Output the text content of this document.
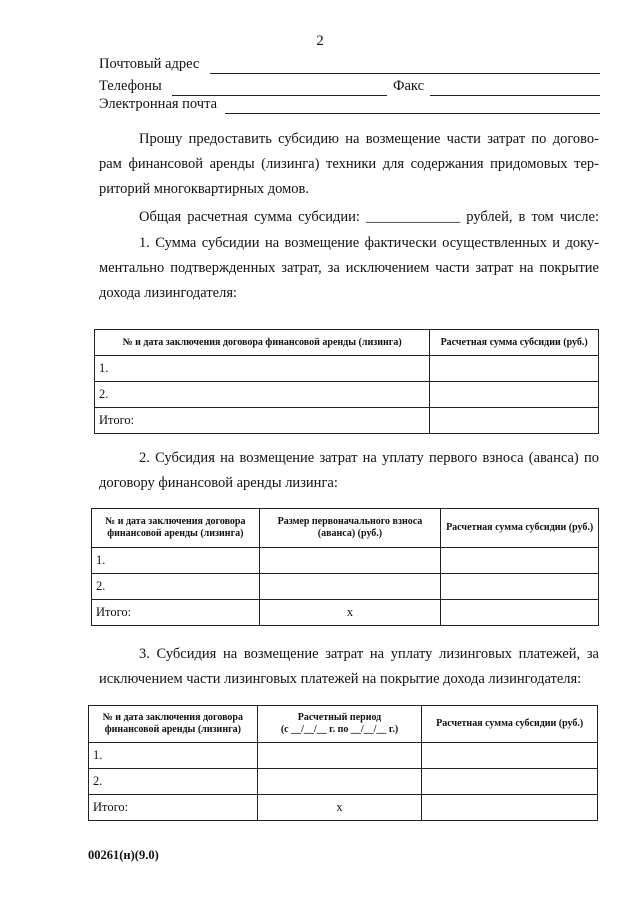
2
Почтовый адрес
Телефоны	Факс
Электронная почта
Прошу предоставить субсидию на возмещение части затрат по догово-
рам финансовой аренды (лизинга) техники для содержания придомовых тер-
риторий многоквартирных домов.
Общая расчетная сумма субсидии: _____________ рублей, в том числе:
1. Сумма субсидии на возмещение фактически осуществленных и доку-
ментально подтвержденных затрат, за исключением части затрат на покрытие
дохода лизингодателя:
№ и дата заключения договора финансовой аренды (лизинга)	Расчетная сумма субсидии (руб.)
1.	
2.	
Итого:	
2. Субсидия на возмещение затрат на уплату первого взноса (аванса) по
договору финансовой аренды лизинга:
№ и дата заключения договора финансовой аренды (лизинга)	Размер первоначального взноса (аванса) (руб.)	Расчетная сумма субсидии (руб.)
1.		
2.		
Итого:	x	
3. Субсидия на возмещение затрат на уплату лизинговых платежей, за
исключением части лизинговых платежей на покрытие дохода лизингодателя:
№ и дата заключения договора финансовой аренды (лизинга)	Расчетный период
(с __/__/__ г. по __/__/__ г.)	Расчетная сумма субсидии (руб.)
1.		
2.		
Итого:	x	
00261(н)(9.0)
